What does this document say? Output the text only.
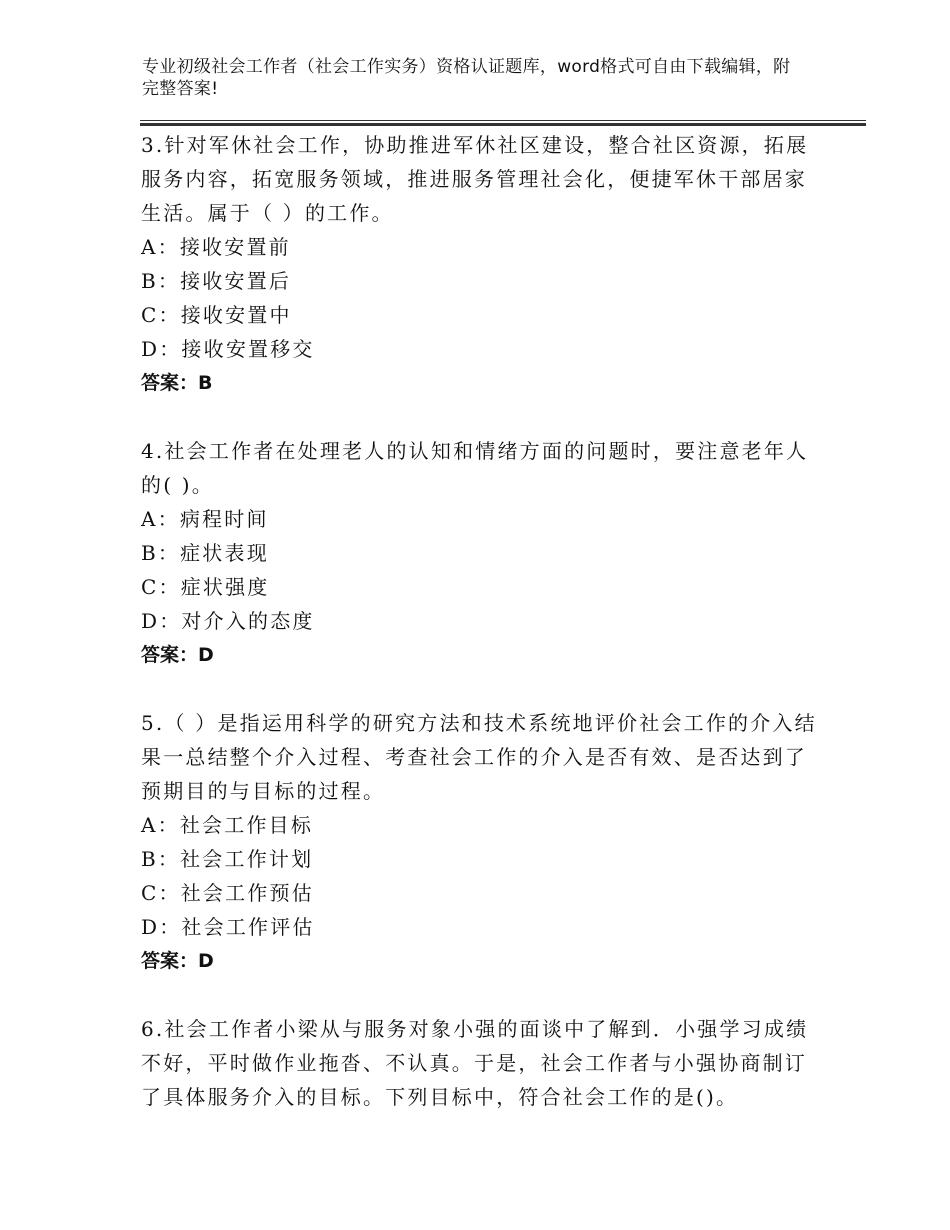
专业初级社会工作者（社会工作实务）资格认证题库，word格式可自由下载编辑，附完整答案!
3.针对军休社会工作，协助推进军休社区建设，整合社区资源，拓展服务内容，拓宽服务领域，推进服务管理社会化，便捷军休干部居家生活。属于（ ）的工作。
A：接收安置前
B：接收安置后
C：接收安置中
D：接收安置移交
答案：B
4.社会工作者在处理老人的认知和情绪方面的问题时，要注意老年人的( )。
A：病程时间
B：症状表现
C：症状强度
D：对介入的态度
答案：D
5.（ ）是指运用科学的研究方法和技术系统地评价社会工作的介入结果一总结整个介入过程、考查社会工作的介入是否有效、是否达到了预期目的与目标的过程。
A：社会工作目标
B：社会工作计划
C：社会工作预估
D：社会工作评估
答案：D
6.社会工作者小梁从与服务对象小强的面谈中了解到．小强学习成绩不好，平时做作业拖沓、不认真。于是，社会工作者与小强协商制订了具体服务介入的目标。下列目标中，符合社会工作的是()。
